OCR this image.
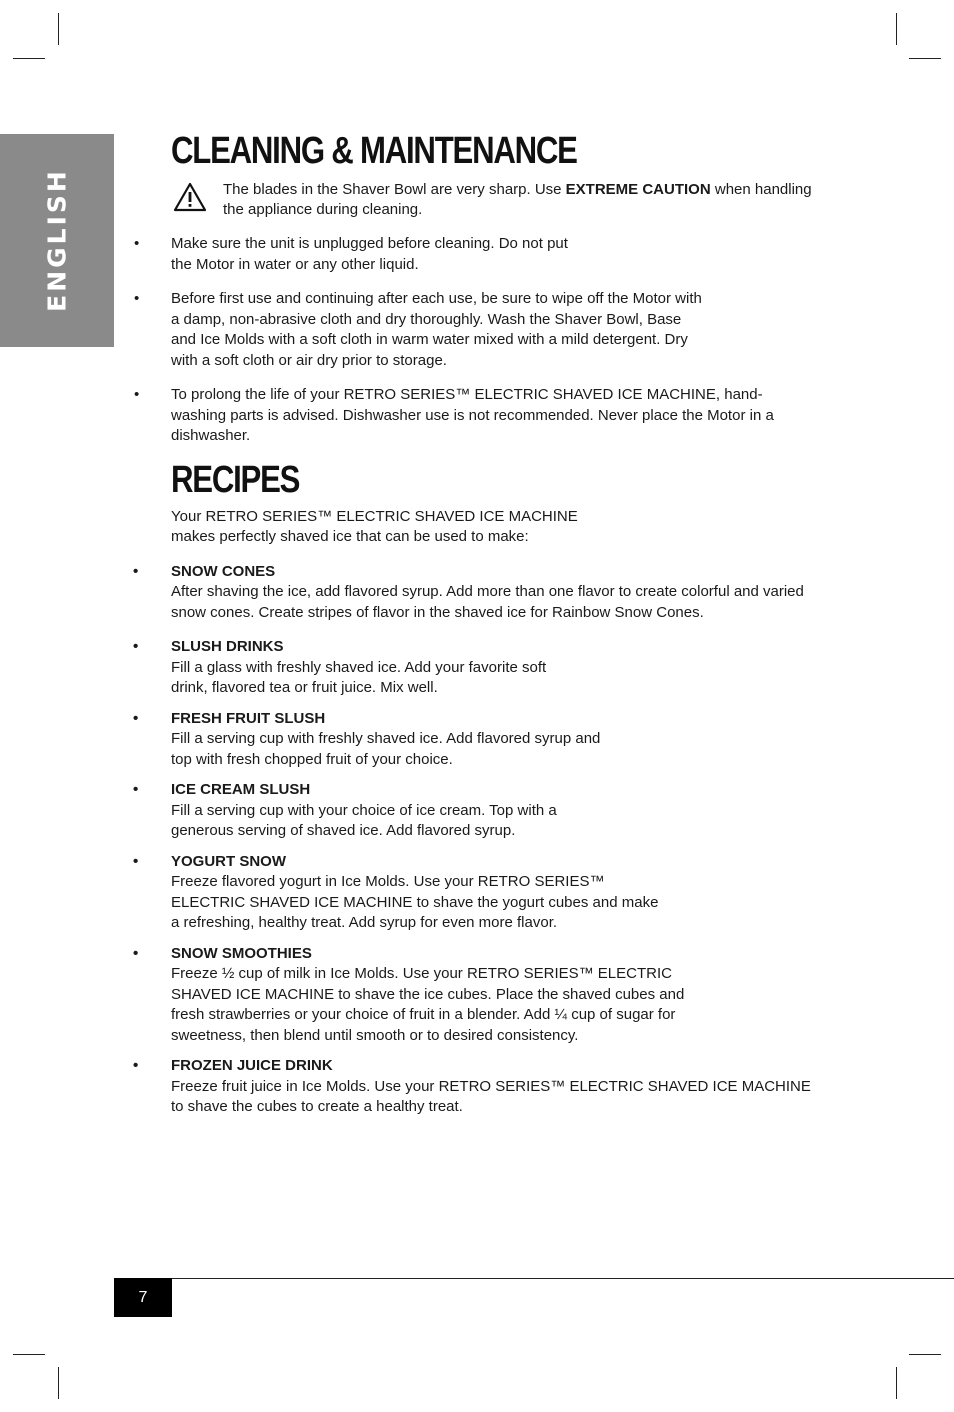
ENGLISH
CLEANING & MAINTENANCE
The blades in the Shaver Bowl are very sharp. Use EXTREME CAUTION when handling the appliance during cleaning.
• Make sure the unit is unplugged before cleaning. Do not put the Motor in water or any other liquid.
• Before first use and continuing after each use, be sure to wipe off the Motor with a damp, non-abrasive cloth and dry thoroughly. Wash the Shaver Bowl, Base and Ice Molds with a soft cloth in warm water mixed with a mild detergent. Dry with a soft cloth or air dry prior to storage.
• To prolong the life of your RETRO SERIES™ ELECTRIC SHAVED ICE MACHINE, hand-washing parts is advised. Dishwasher use is not recommended. Never place the Motor in a dishwasher.
RECIPES

Your RETRO SERIES™ ELECTRIC SHAVED ICE MACHINE makes perfectly shaved ice that can be used to make:

• SNOW CONES
After shaving the ice, add flavored syrup. Add more than one flavor to create colorful and varied snow cones. Create stripes of flavor in the shaved ice for Rainbow Snow Cones.
• SLUSH DRINKS
Fill a glass with freshly shaved ice. Add your favorite soft drink, flavored tea or fruit juice. Mix well.
• FRESH FRUIT SLUSH
Fill a serving cup with freshly shaved ice. Add flavored syrup and top with fresh chopped fruit of your choice.
• ICE CREAM SLUSH
Fill a serving cup with your choice of ice cream. Top with a generous serving of shaved ice. Add flavored syrup.
• YOGURT SNOW
Freeze flavored yogurt in Ice Molds. Use your RETRO SERIES™ ELECTRIC SHAVED ICE MACHINE to shave the yogurt cubes and make a refreshing, healthy treat. Add syrup for even more flavor.
• SNOW SMOOTHIES
Freeze ½ cup of milk in Ice Molds. Use your RETRO SERIES™ ELECTRIC SHAVED ICE MACHINE to shave the ice cubes. Place the shaved cubes and fresh strawberries or your choice of fruit in a blender. Add ¼ cup of sugar for sweetness, then blend until smooth or to desired consistency.
• FROZEN JUICE DRINK
Freeze fruit juice in Ice Molds. Use your RETRO SERIES™ ELECTRIC SHAVED ICE MACHINE to shave the cubes to create a healthy treat.
7
